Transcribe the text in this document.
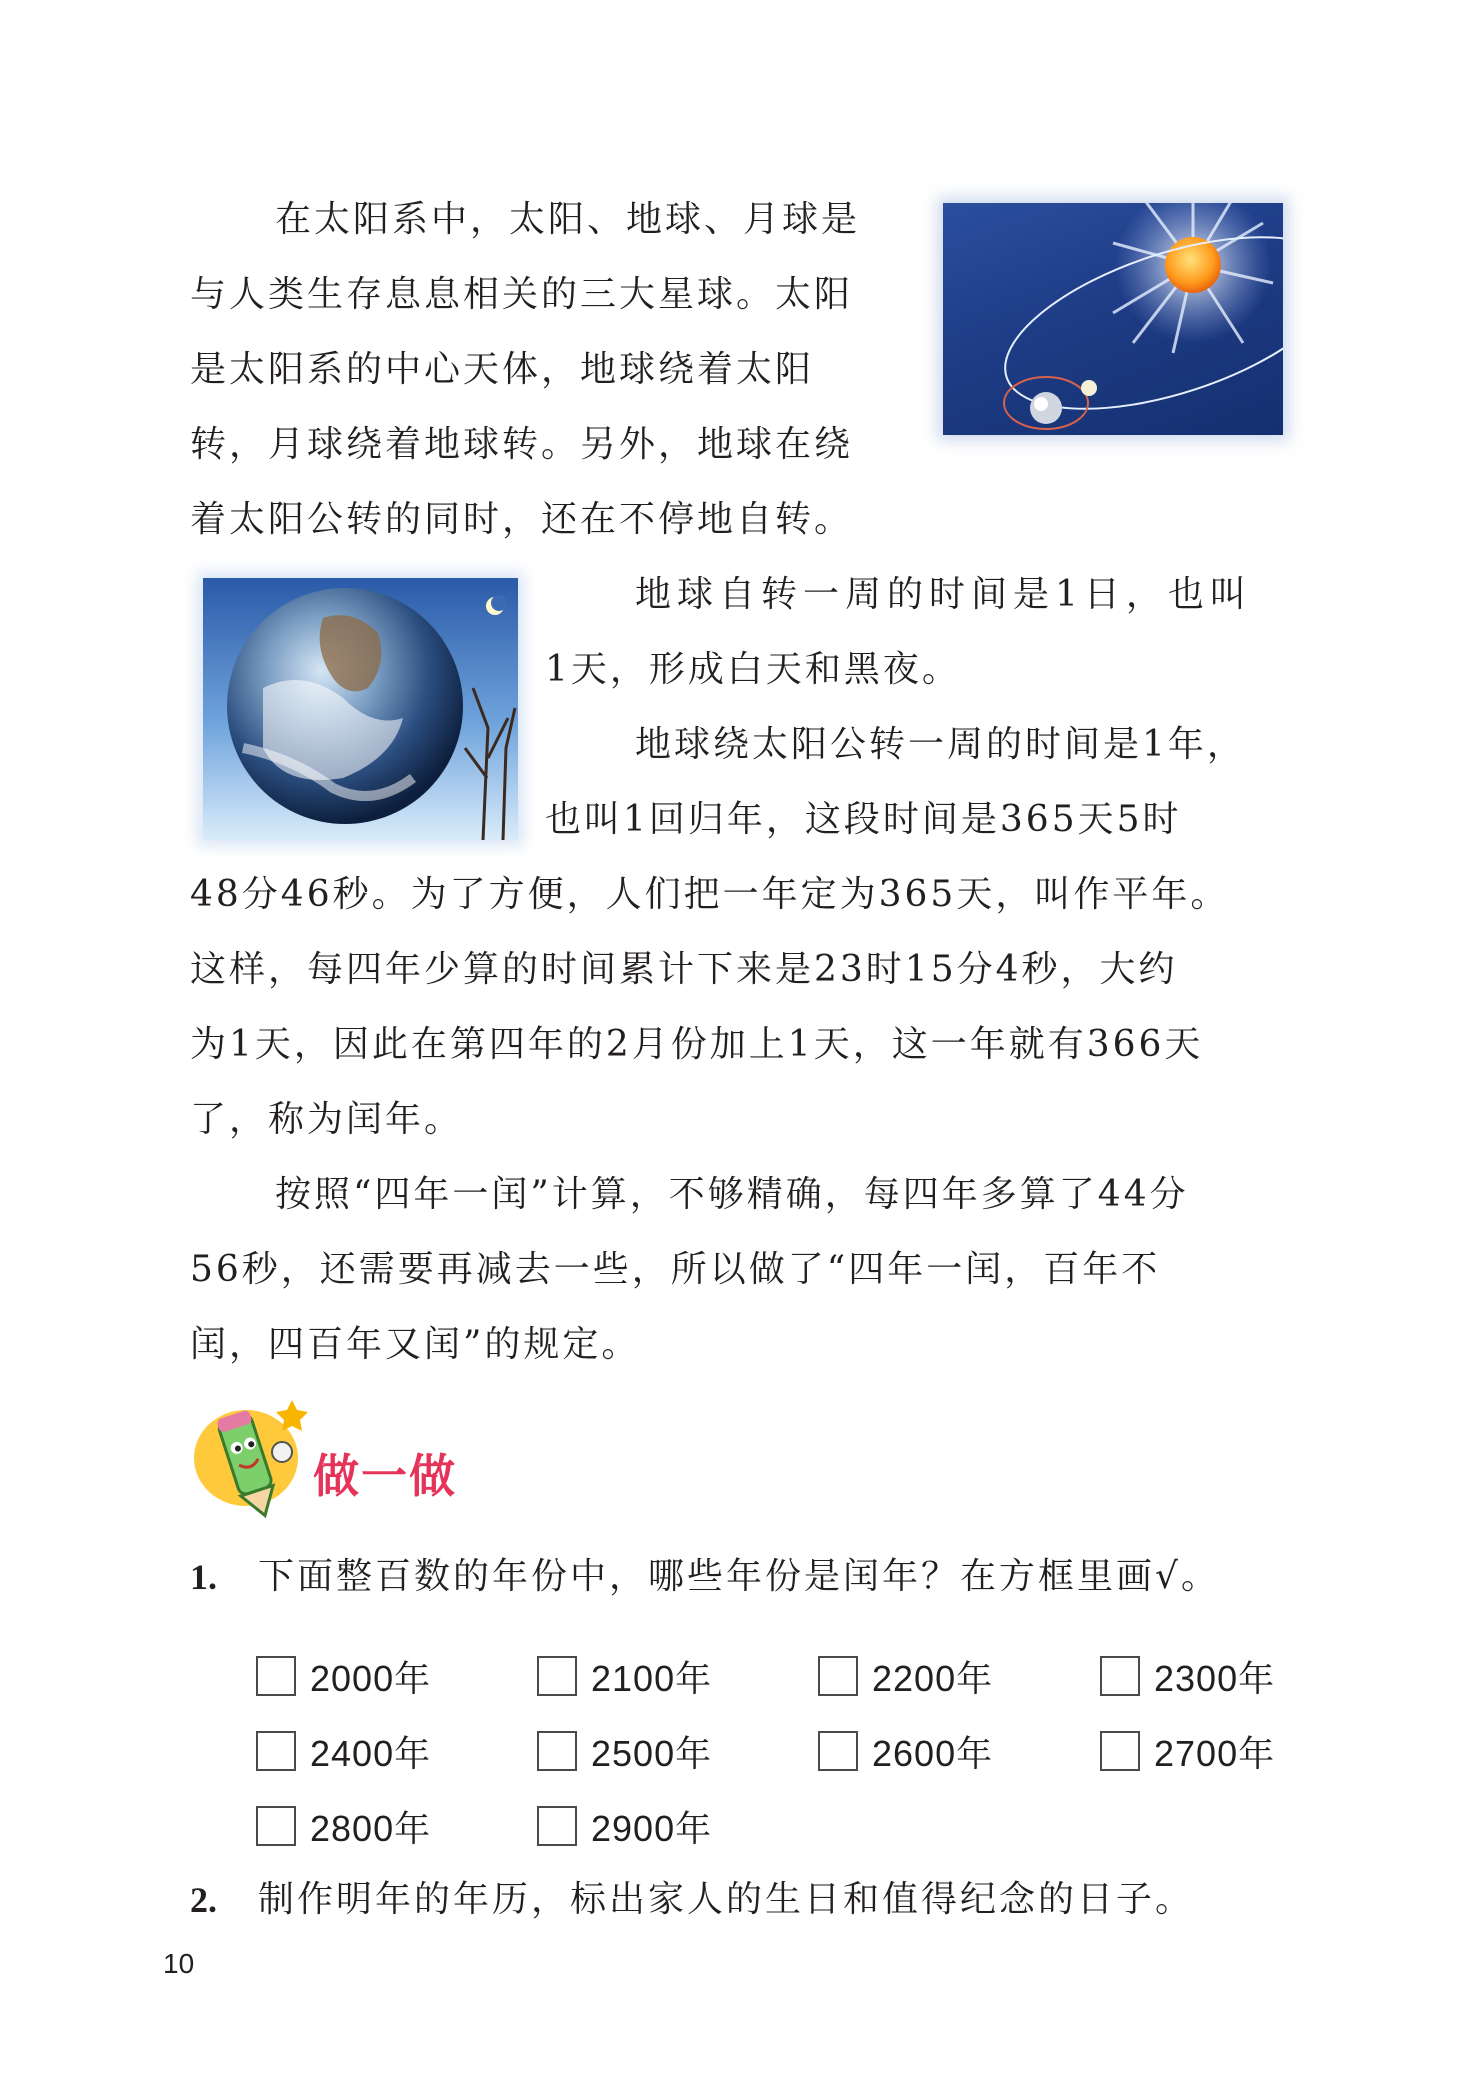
在太阳系中，太阳、地球、月球是
与人类生存息息相关的三大星球。太阳
是太阳系的中心天体，地球绕着太阳
转，月球绕着地球转。另外，地球在绕
着太阳公转的同时，还在不停地自转。
地球自转一周的时间是1日，也叫
1天，形成白天和黑夜。
地球绕太阳公转一周的时间是1年，
也叫1回归年，这段时间是365天5时
48分46秒。为了方便，人们把一年定为365天，叫作平年。
这样，每四年少算的时间累计下来是23时15分4秒，大约
为1天，因此在第四年的2月份加上1天，这一年就有366天
了，称为闰年。
按照“四年一闰”计算，不够精确，每四年多算了44分
56秒，还需要再减去一些，所以做了“四年一闰，百年不
闰，四百年又闰”的规定。
做一做
1. 下面整百数的年份中，哪些年份是闰年？在方框里画√。
2000年	2100年	2200年	2300年
2400年	2500年	2600年	2700年
2800年	2900年
2. 制作明年的年历，标出家人的生日和值得纪念的日子。
10
